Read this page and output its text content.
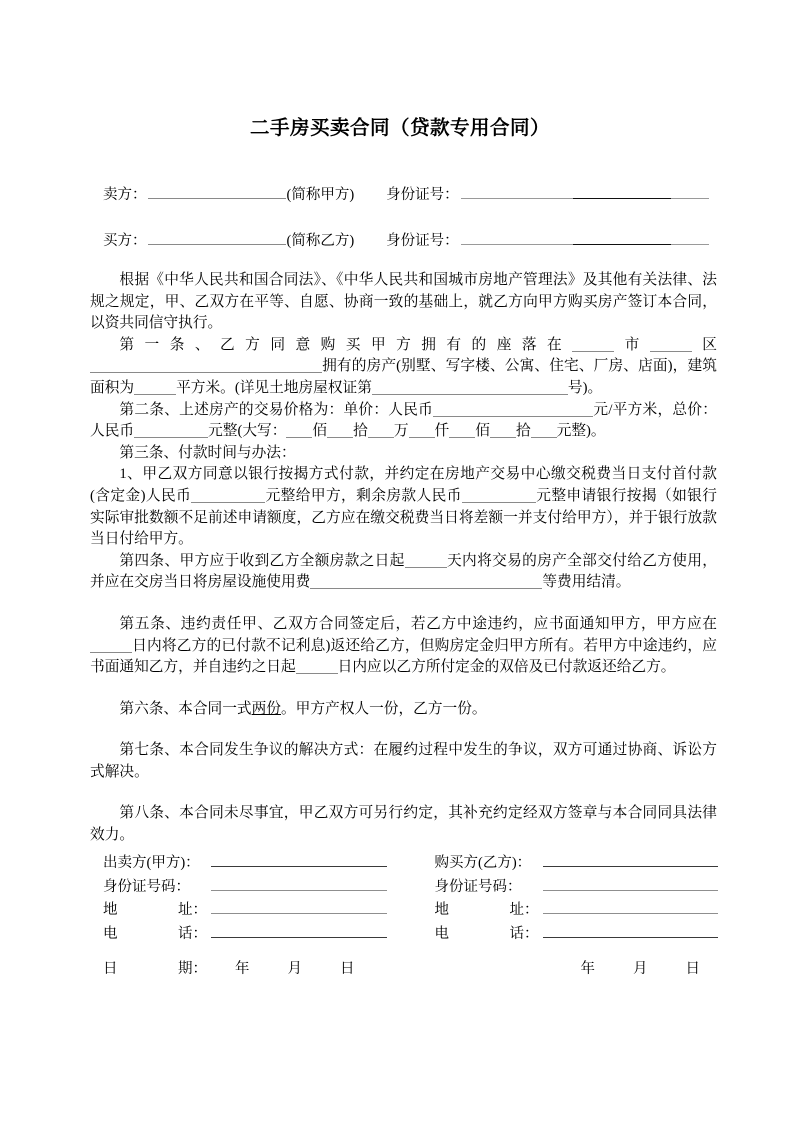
二手房买卖合同（贷款专用合同）
卖方：	(简称甲方) 身份证号：
买方：	(简称乙方) 身份证号：

根据《中华人民共和国合同法》、《中华人民共和国城市房地产管理法》及其他有关法律、法规之规定，甲、乙双方在平等、自愿、协商一致的基础上，就乙方向甲方购买房产签订本合同，以资共同信守执行。

第一条、乙方同意购买甲方拥有的座落在	市	区拥有的房产(别墅、写字楼、公寓、住宅、厂房、店面)，建筑面积为	平方米。(详见土地房屋权证第	号)。

第二条、上述房产的交易价格为：单价：人民币	元/平方米，总价：人民币	元整(大写： 佰 拾 万 仟 佰 拾 元整)。

第三条、付款时间与办法：

1、甲乙双方同意以银行按揭方式付款，并约定在房地产交易中心缴交税费当日支付首付款(含定金)人民币	元整给甲方，剩余房款人民币	元整申请银行按揭（如银行实际审批数额不足前述申请额度，乙方应在缴交税费当日将差额一并支付给甲方），并于银行放款当日付给甲方。

第四条、甲方应于收到乙方全额房款之日起	天内将交易的房产全部交付给乙方使用，并应在交房当日将房屋设施使用费	等费用结清。

第五条、违约责任甲、乙双方合同签定后，若乙方中途违约，应书面通知甲方，甲方应在日内将乙方的已付款不记利息)返还给乙方，但购房定金归甲方所有。若甲方中途违约，应书面通知乙方，并自违约之日起	日内应以乙方所付定金的双倍及已付款返还给乙方。

第六条、本合同一式两份。甲方产权人一份，乙方一份。

第七条、本合同发生争议的解决方式：在履约过程中发生的争议，双方可通过协商、诉讼方式解决。

第八条、本合同未尽事宜，甲乙双方可另行约定，其补充约定经双方签章与本合同同具法律效力。

出卖方(甲方)：
身份证号码：
地	址：
电	话：
购买方(乙方)：
身份证号码：
地	址：
电	话：
日	期： 年	月	日	年	月	日
